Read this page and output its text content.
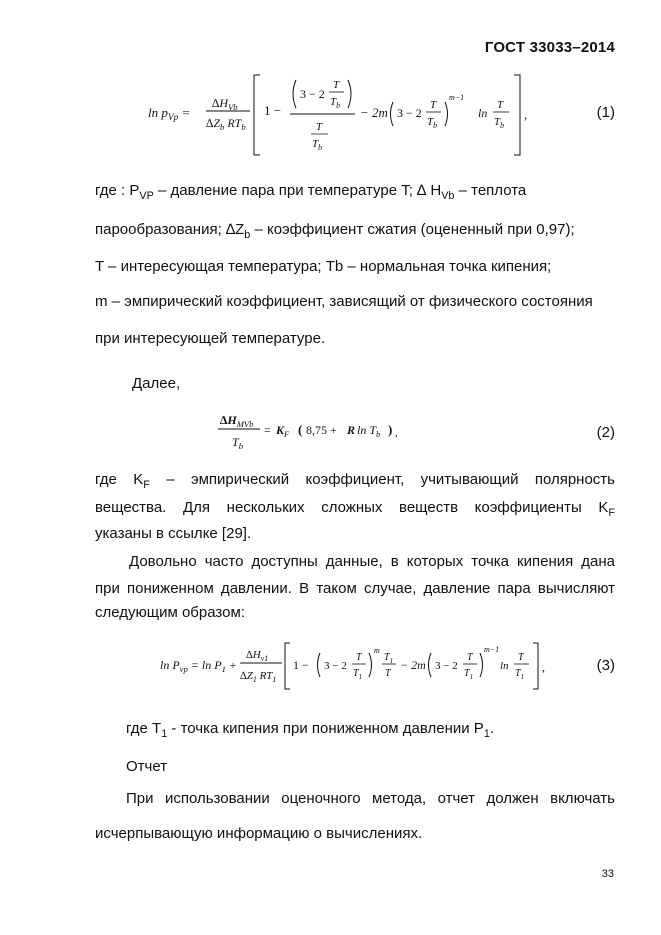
ГОСТ 33033–2014
$\ln p_{Vp}$ =
$\Delta H_{Vb}$
$\Delta Z_b$ $RT_b$
1 −
3 − 2
T
$T_b$
T
$T_b$
− 2m 3 − 2
T
$T_b$
m−1
ln
T
$T_b$
,	(1)
где : $P_{VP}$ – давление пара при температуре T; ∆ $H_{Vb}$ – теплота
парообразования; $\Delta Z_b$ – коэффициент сжатия (оцененный при 0,97);
T – интересующая температура; Tb – нормальная точка кипения;
m – эмпирический коэффициент, зависящий от физического состояния
при интересующей температуре.
Далее,
$\Delta H_{MVb}$
$T_b$
= $K_F$ ( 8,75 + R $\ln T_b$ ) ,	(2)
где $K_F$ – эмпирический коэффициент, учитывающий полярность
вещества. Для нескольких сложных веществ коэффициенты $K_F$
указаны в ссылке [29].
Довольно часто доступны данные, в которых точка кипения дана
при пониженном давлении. В таком случае, давление пара вычисляют
следующим образом:
$\ln P_{vp} = \ln P_1$ +
$\Delta H_{v1}$
$\Delta Z_1$ $RT_1$
1 − 3 − 2
T
$T_1$
m
$T_1$
T
− 2m 3 − 2
T
$T_1$
m−1
ln
T
$T_1$
,	(3)
где $T_1$ - точка кипения при пониженном давлении $P_1$.
Отчет
При использовании оценочного метода, отчет должен включать
исчерпывающую информацию о вычислениях.
33
